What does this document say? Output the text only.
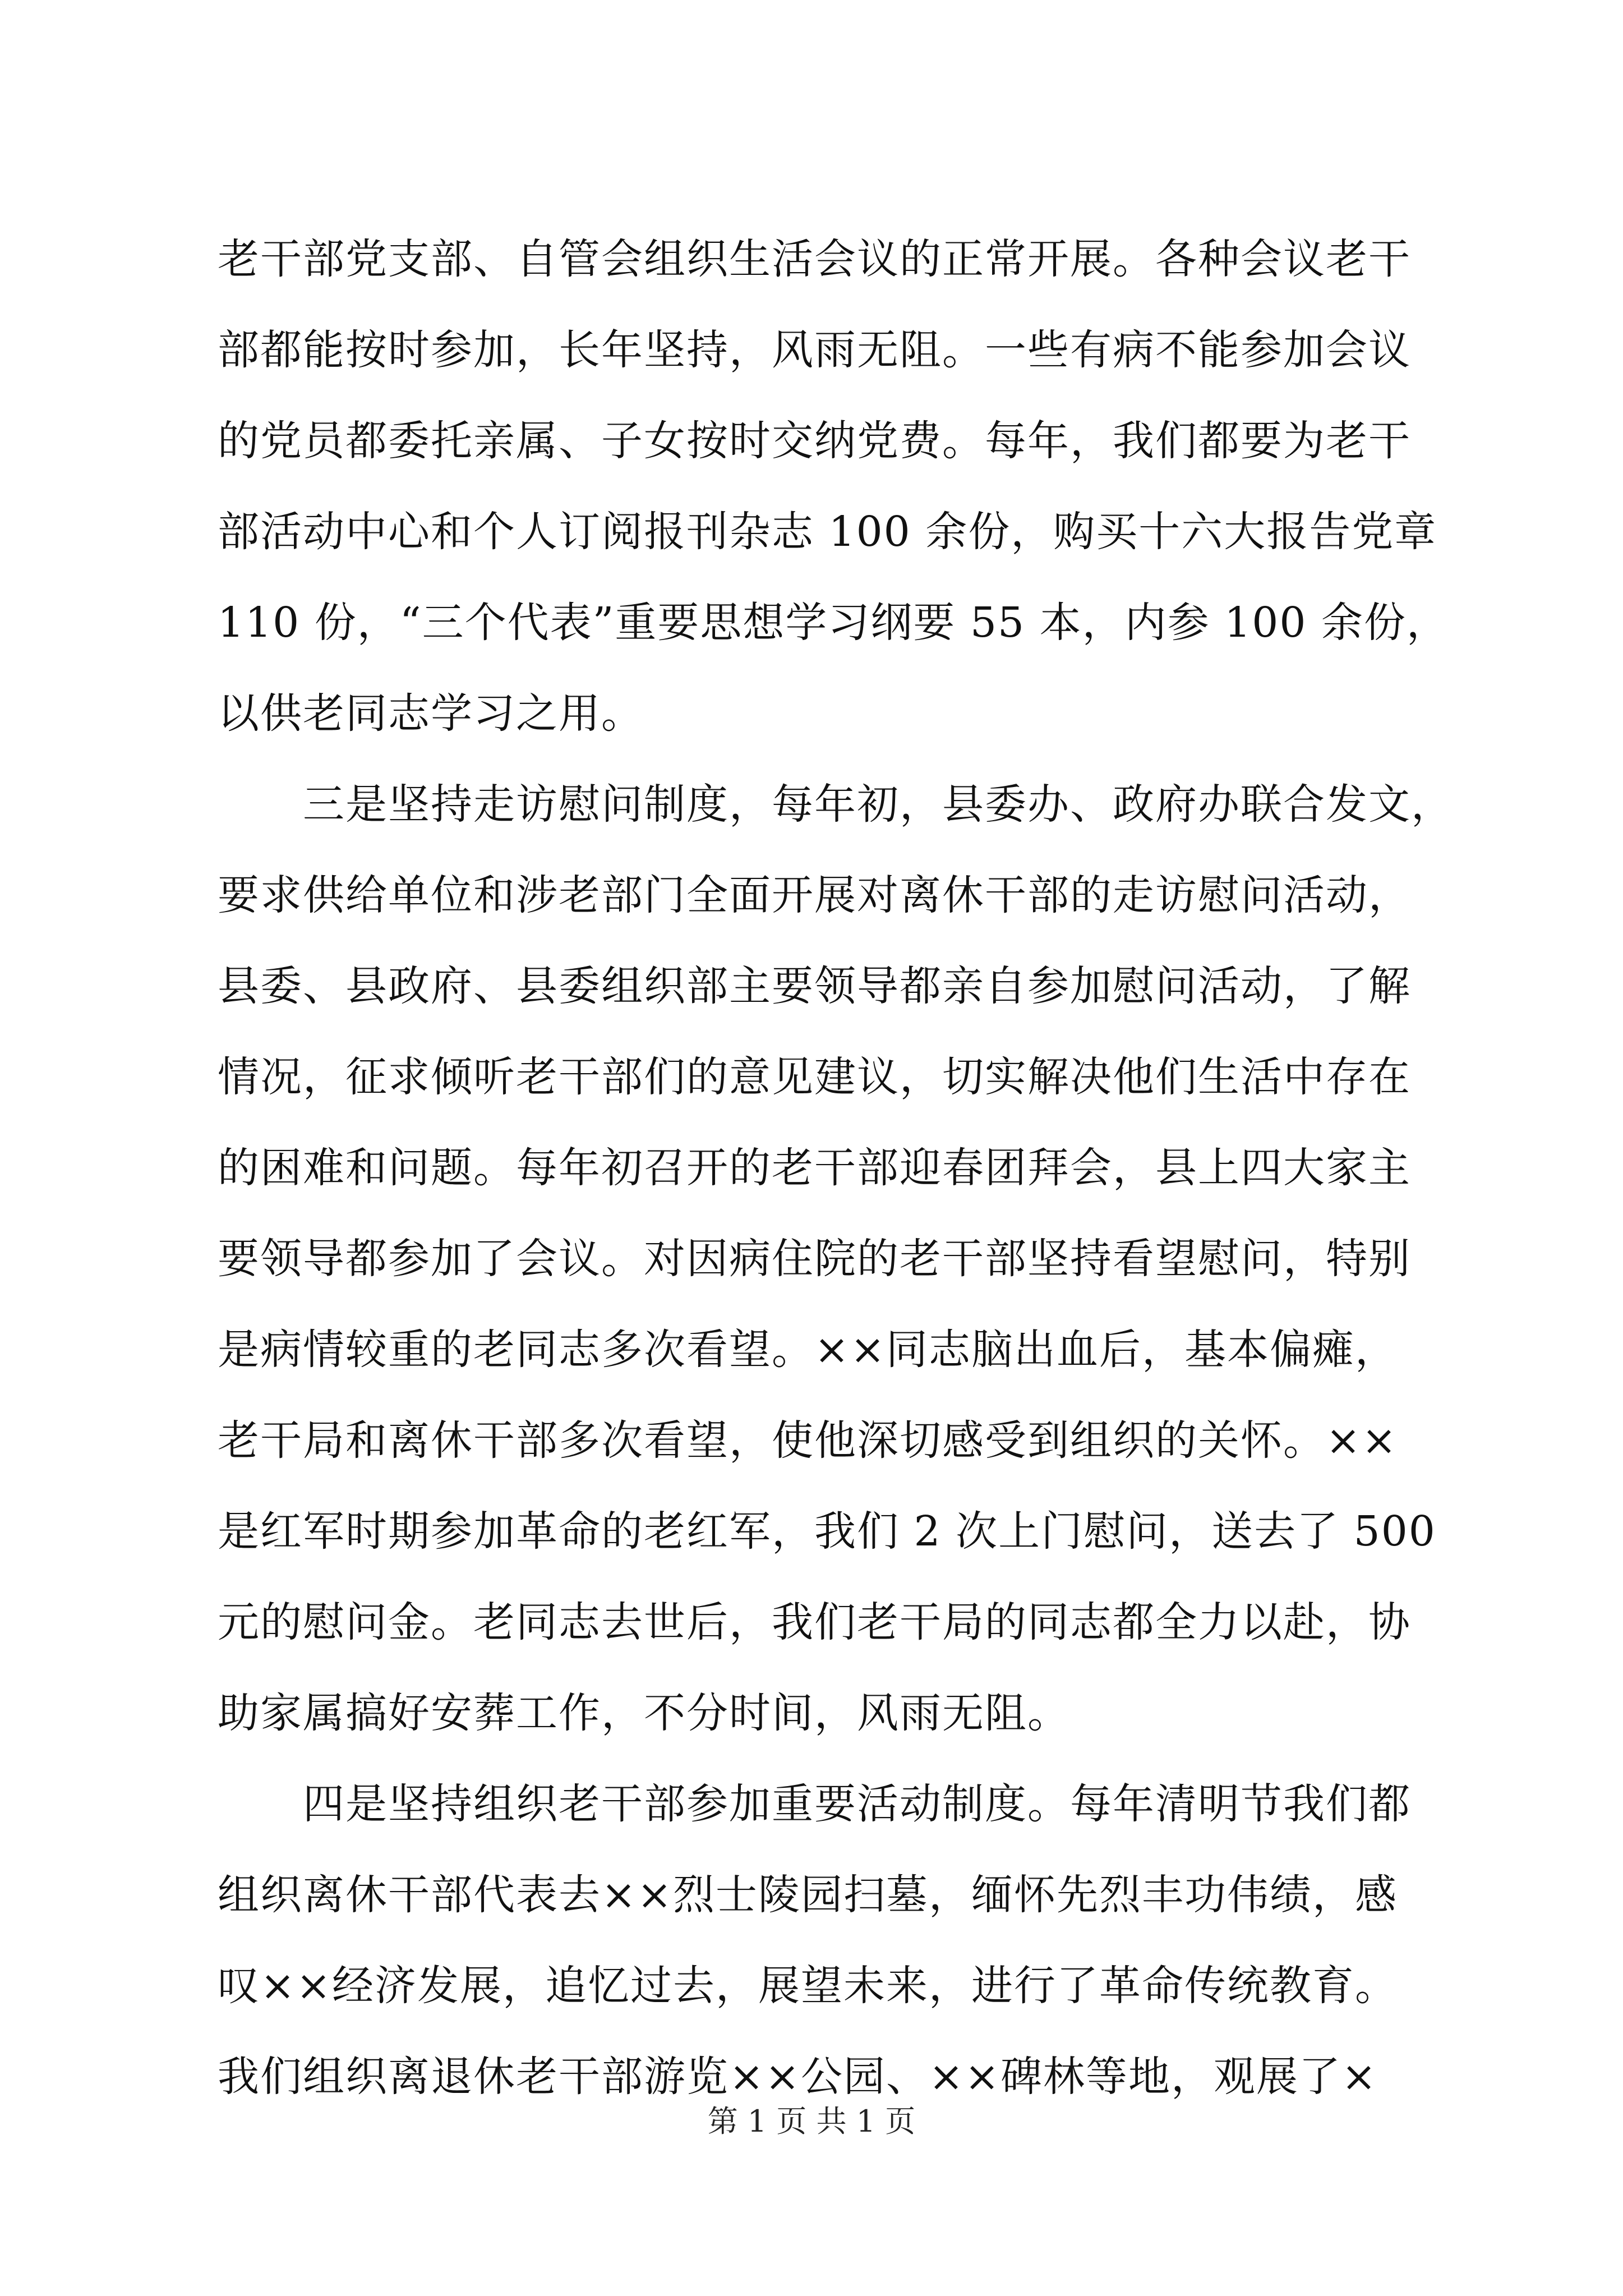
老干部党支部、自管会组织生活会议的正常开展。各种会议老干
部都能按时参加，长年坚持，风雨无阻。一些有病不能参加会议
的党员都委托亲属、子女按时交纳党费。每年，我们都要为老干
部活动中心和个人订阅报刊杂志 100 余份，购买十六大报告党章
110 份，“三个代表”重要思想学习纲要 55 本，内参 100 余份，
以供老同志学习之用。
　　三是坚持走访慰问制度，每年初，县委办、政府办联合发文，
要求供给单位和涉老部门全面开展对离休干部的走访慰问活动，
县委、县政府、县委组织部主要领导都亲自参加慰问活动，了解
情况，征求倾听老干部们的意见建议，切实解决他们生活中存在
的困难和问题。每年初召开的老干部迎春团拜会，县上四大家主
要领导都参加了会议。对因病住院的老干部坚持看望慰问，特别
是病情较重的老同志多次看望。××同志脑出血后，基本偏瘫，
老干局和离休干部多次看望，使他深切感受到组织的关怀。××
是红军时期参加革命的老红军，我们 2 次上门慰问，送去了 500
元的慰问金。老同志去世后，我们老干局的同志都全力以赴，协
助家属搞好安葬工作，不分时间，风雨无阻。
　　四是坚持组织老干部参加重要活动制度。每年清明节我们都
组织离休干部代表去××烈士陵园扫墓，缅怀先烈丰功伟绩，感
叹××经济发展，追忆过去，展望未来，进行了革命传统教育。
我们组织离退休老干部游览××公园、××碑林等地，观展了×
第 1 页 共 1 页
